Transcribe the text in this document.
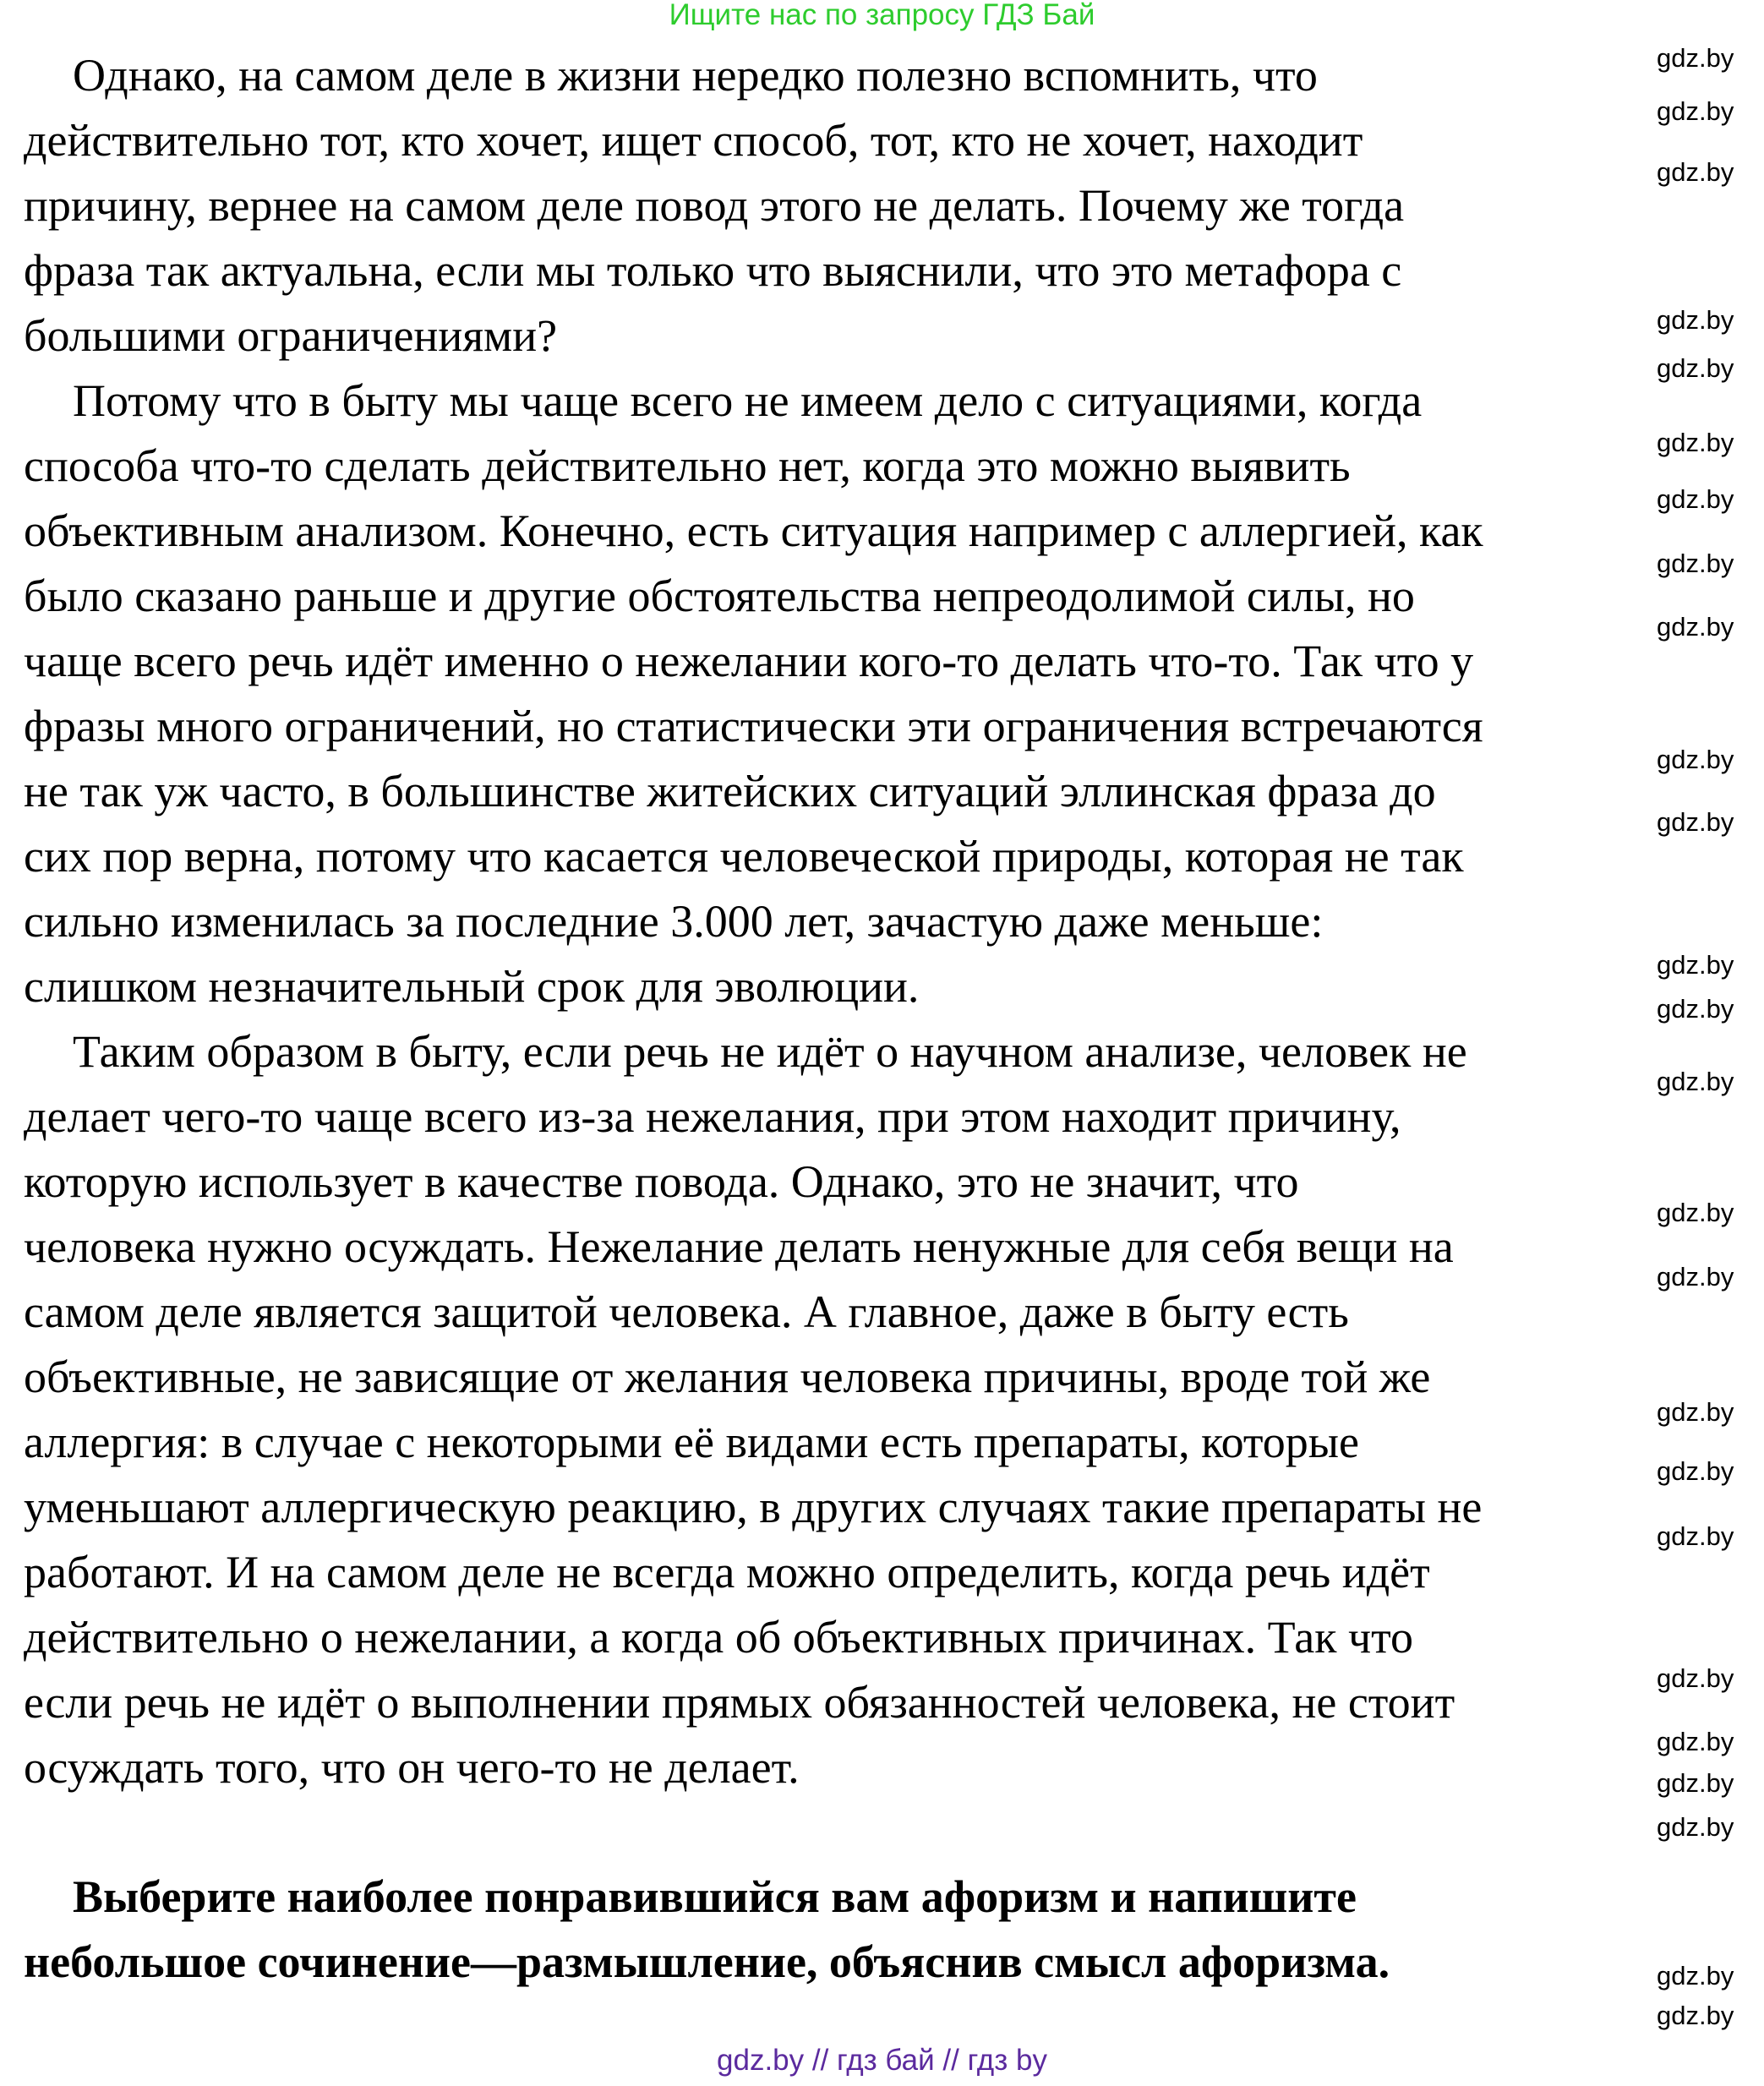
Ищите нас по запросу ГДЗ Бай
Однако, на самом деле в жизни нередко полезно вспомнить, что
действительно тот, кто хочет, ищет способ, тот, кто не хочет, находит
причину, вернее на самом деле повод этого не делать. Почему же тогда
фраза так актуальна, если мы только что выяснили, что это метафора с
большими ограничениями?
Потому что в быту мы чаще всего не имеем дело с ситуациями, когда
способа что-то сделать действительно нет, когда это можно выявить
объективным анализом. Конечно, есть ситуация например с аллергией, как
было сказано раньше и другие обстоятельства непреодолимой силы, но
чаще всего речь идёт именно о нежелании кого-то делать что-то. Так что у
фразы много ограничений, но статистически эти ограничения встречаются
не так уж часто, в большинстве житейских ситуаций эллинская фраза до
сих пор верна, потому что касается человеческой природы, которая не так
сильно изменилась за последние 3.000 лет, зачастую даже меньше:
слишком незначительный срок для эволюции.
Таким образом в быту, если речь не идёт о научном анализе, человек не
делает чего-то чаще всего из-за нежелания, при этом находит причину,
которую использует в качестве повода. Однако, это не значит, что
человека нужно осуждать. Нежелание делать ненужные для себя вещи на
самом деле является защитой человека. А главное, даже в быту есть
объективные, не зависящие от желания человека причины, вроде той же
аллергия: в случае с некоторыми её видами есть препараты, которые
уменьшают аллергическую реакцию, в других случаях такие препараты не
работают. И на самом деле не всегда можно определить, когда речь идёт
действительно о нежелании, а когда об объективных причинах. Так что
если речь не идёт о выполнении прямых обязанностей человека, не стоит
осуждать того, что он чего-то не делает.
Выберите наиболее понравившийся вам афоризм и напишите
небольшое сочинение—размышление, объяснив смысл афоризма.
gdz.by
gdz.by
gdz.by
gdz.by
gdz.by
gdz.by
gdz.by
gdz.by
gdz.by
gdz.by
gdz.by
gdz.by
gdz.by
gdz.by
gdz.by
gdz.by
gdz.by
gdz.by
gdz.by
gdz.by
gdz.by
gdz.by
gdz.by
gdz.by
gdz.by
gdz.by // гдз бай // гдз by
